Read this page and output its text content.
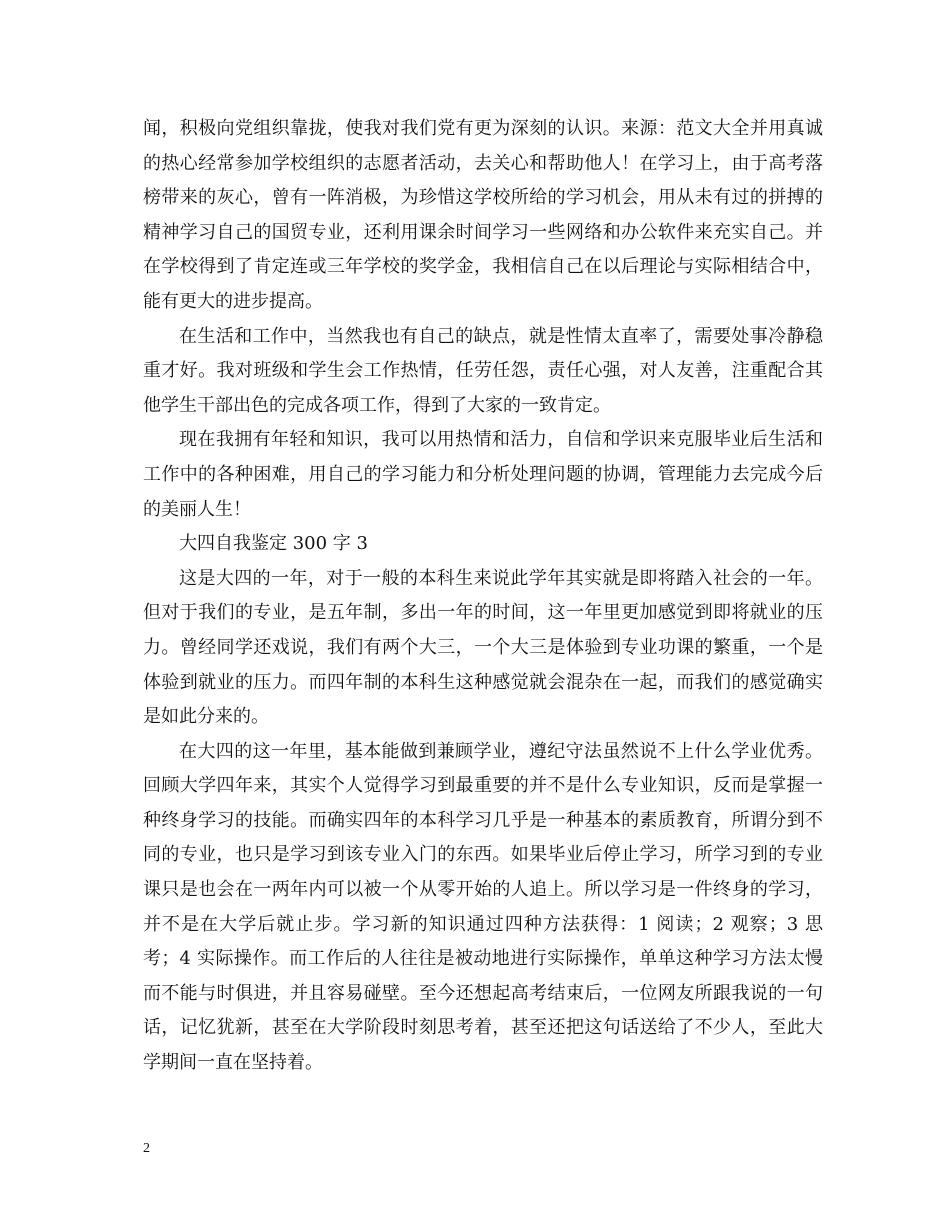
闻，积极向党组织靠拢，使我对我们党有更为深刻的认识。来源：范文大全并用真诚的热心经常参加学校组织的志愿者活动，去关心和帮助他人！在学习上，由于高考落榜带来的灰心，曾有一阵消极，为珍惜这学校所给的学习机会，用从未有过的拼搏的精神学习自己的国贸专业，还利用课余时间学习一些网络和办公软件来充实自己。并在学校得到了肯定连或三年学校的奖学金，我相信自己在以后理论与实际相结合中，能有更大的进步提高。

在生活和工作中，当然我也有自己的缺点，就是性情太直率了，需要处事冷静稳重才好。我对班级和学生会工作热情，任劳任怨，责任心强，对人友善，注重配合其他学生干部出色的完成各项工作，得到了大家的一致肯定。

现在我拥有年轻和知识，我可以用热情和活力，自信和学识来克服毕业后生活和工作中的各种困难，用自己的学习能力和分析处理问题的协调，管理能力去完成今后的美丽人生！

大四自我鉴定 300 字 3

这是大四的一年，对于一般的本科生来说此学年其实就是即将踏入社会的一年。但对于我们的专业，是五年制，多出一年的时间，这一年里更加感觉到即将就业的压力。曾经同学还戏说，我们有两个大三，一个大三是体验到专业功课的繁重，一个是体验到就业的压力。而四年制的本科生这种感觉就会混杂在一起，而我们的感觉确实是如此分来的。

在大四的这一年里，基本能做到兼顾学业，遵纪守法虽然说不上什么学业优秀。回顾大学四年来，其实个人觉得学习到最重要的并不是什么专业知识，反而是掌握一种终身学习的技能。而确实四年的本科学习几乎是一种基本的素质教育，所谓分到不同的专业，也只是学习到该专业入门的东西。如果毕业后停止学习，所学习到的专业课只是也会在一两年内可以被一个从零开始的人追上。所以学习是一件终身的学习，并不是在大学后就止步。学习新的知识通过四种方法获得：1 阅读；2 观察；3 思考；4 实际操作。而工作后的人往往是被动地进行实际操作，单单这种学习方法太慢而不能与时俱进，并且容易碰壁。至今还想起高考结束后，一位网友所跟我说的一句话，记忆犹新，甚至在大学阶段时刻思考着，甚至还把这句话送给了不少人，至此大学期间一直在坚持着。

2
